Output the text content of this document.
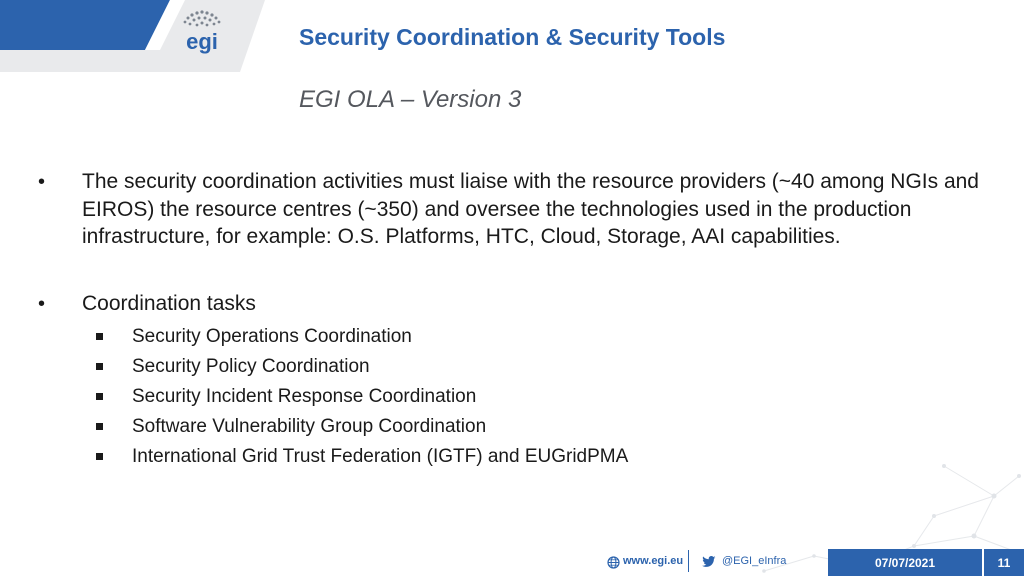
egi	Security Coordination & Security Tools
EGI OLA – Version 3
• The security coordination activities must liaise with the resource providers (~40 among NGIs and EIROS) the resource centres (~350) and oversee the technologies used in the production infrastructure, for example: O.S. Platforms, HTC, Cloud, Storage, AAI capabilities.
• Coordination tasks
Security Operations Coordination
Security Policy Coordination
Security Incident Response Coordination
Software Vulnerability Group Coordination
International Grid Trust Federation (IGTF) and EUGridPMA
www.egi.eu	@EGI_eInfra	07/07/2021	11
